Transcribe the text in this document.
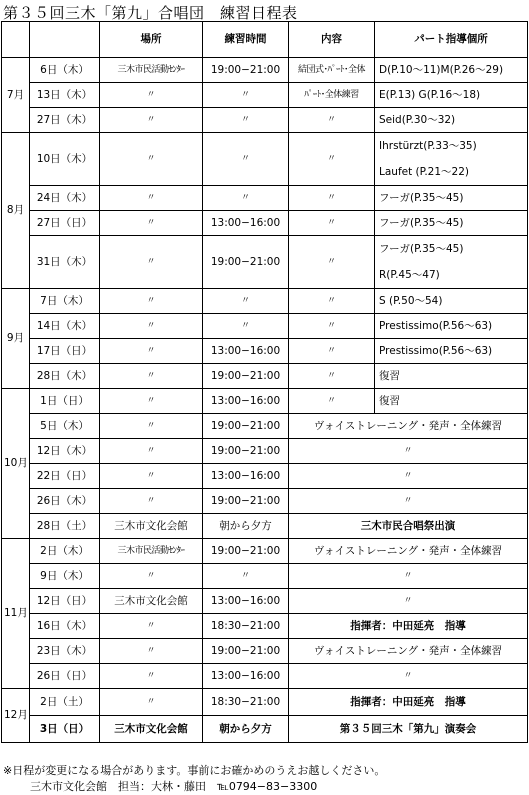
第３５回三木「第九」合唱団　練習日程表
		場所	練習時間	内容	パート指導個所
7月	6日（木）	三木市民活動ｾﾝﾀｰ	19:00−21:00	結団式･ﾊﾟｰﾄ･全体	D(P.10〜11)M(P.26〜29)
	13日（木）	〃	〃	ﾊﾟｰﾄ･全体練習	E(P.13) G(P.16〜18)
	27日（木）	〃	〃	〃	Seid(P.30〜32)
8月	10日（木）	〃	〃	〃	Ihrstürzt(P.33〜35)
Laufet (P.21〜22)

	24日（木）	〃	〃	〃	フーガ(P.35〜45)
	27日（日）	〃	13:00−16:00	〃	フーガ(P.35〜45)
	31日（木）	〃	19:00−21:00	〃	フーガ(P.35〜45)
R(P.45〜47)

9月	7日（木）	〃	〃	〃	S (P.50〜54)
	14日（木）	〃	〃	〃	Prestissimo(P.56〜63)
	17日（日）	〃	13:00−16:00	〃	Prestissimo(P.56〜63)
	28日（木）	〃	19:00−21:00	〃	復習
10月	1日（日）	〃	13:00−16:00	〃	復習
	5日（木）	〃	19:00−21:00	ヴォイストレーニング・発声・全体練習	
	12日（木）	〃	19:00−21:00	〃	
	22日（日）	〃	13:00−16:00	〃	
	26日（木）	〃	19:00−21:00	〃	
	28日（土）	三木市文化会館	朝から夕方	三木市民合唱祭出演	
11月	2日（木）	三木市民活動ｾﾝﾀｰ	19:00−21:00	ヴォイストレーニング・発声・全体練習	
	9日（木）	〃	〃	〃	
	12日（日）	三木市文化会館	13:00−16:00	〃	
	16日（木）	〃	18:30−21:00	指揮者：中田延亮　指導	
	23日（木）	〃	19:00−21:00	ヴォイストレーニング・発声・全体練習	
	26日（日）	〃	13:00−16:00	〃	
12月	2日（土）	〃	18:30−21:00	指揮者：中田延亮　指導	
	3日（日）	三木市文化会館	朝から夕方	第３５回三木「第九」演奏会	
※日程が変更になる場合があります。事前にお確かめのうえお越しください。
三木市文化会館　担当：大林・藤田　℡0794−83−3300
